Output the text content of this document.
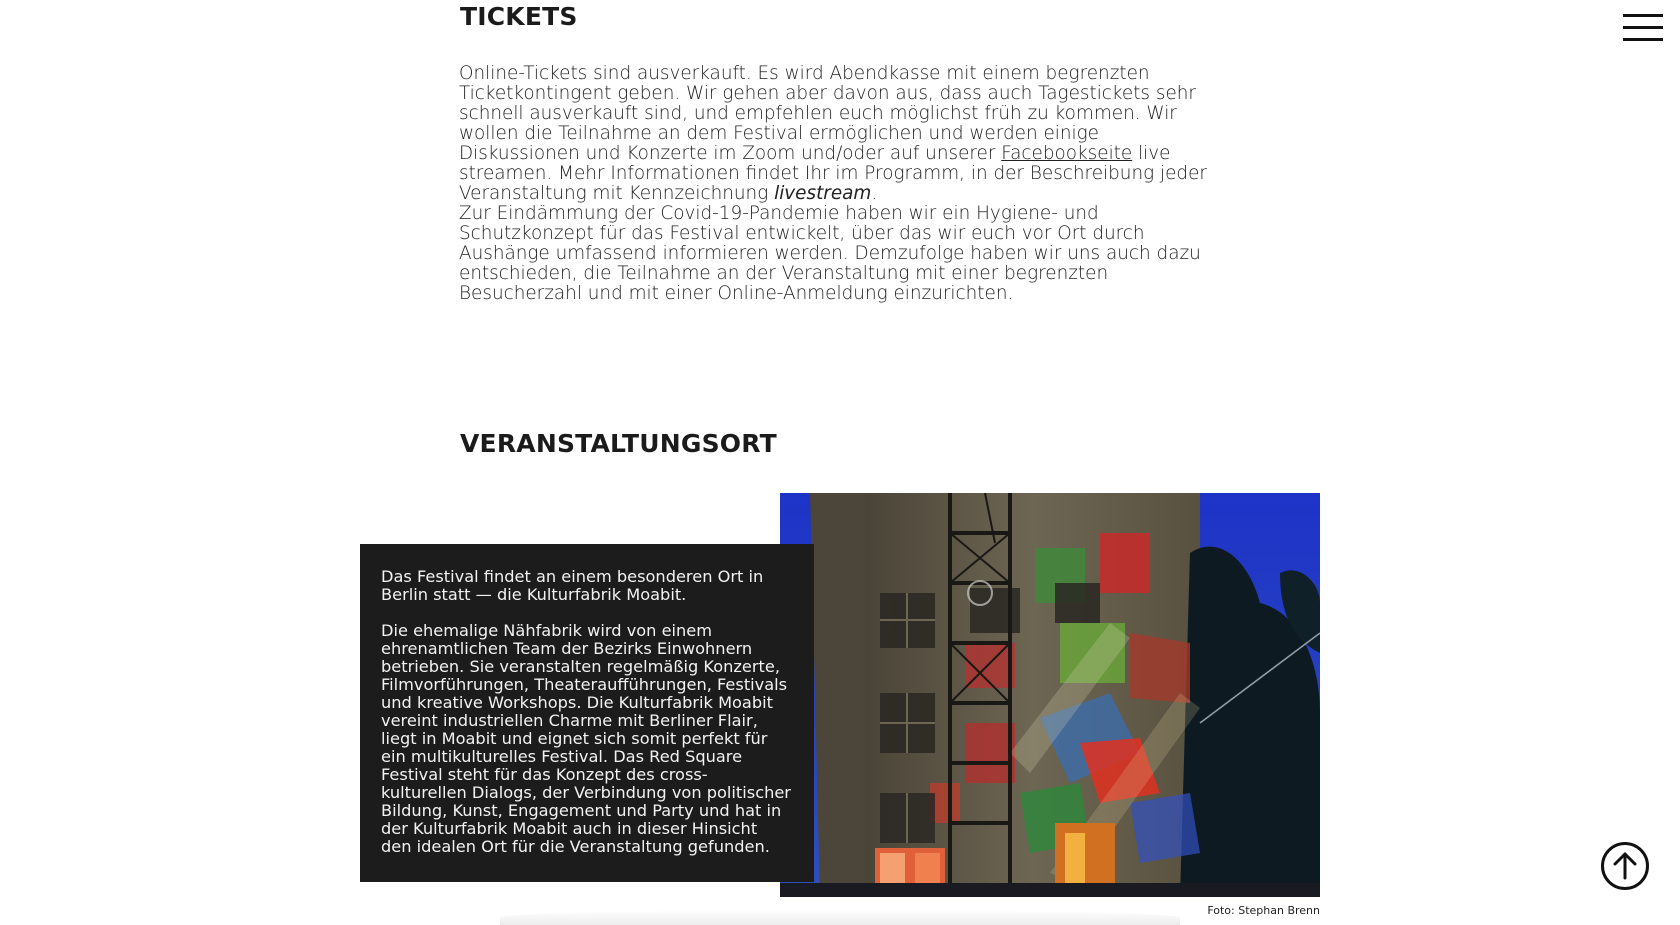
TICKETS

Online-Tickets sind ausverkauft. Es wird Abendkasse mit einem begrenzten Ticketkontingent geben. Wir gehen aber davon aus, dass auch Tagestickets sehr schnell ausverkauft sind, und empfehlen euch möglichst früh zu kommen. Wir wollen die Teilnahme an dem Festival ermöglichen und werden einige Diskussionen und Konzerte im Zoom und/oder auf unserer Facebookseite live streamen. Mehr Informationen findet Ihr im Programm, in der Beschreibung jeder Veranstaltung mit Kennzeichnung livestream.

Zur Eindämmung der Covid-19-Pandemie haben wir ein Hygiene- und Schutzkonzept für das Festival entwickelt, über das wir euch vor Ort durch Aushänge umfassend informieren werden. Demzufolge haben wir uns auch dazu entschieden, die Teilnahme an der Veranstaltung mit einer begrenzten Besucherzahl und mit einer Online-Anmeldung einzurichten.

VERANSTALTUNGSORT
Foto: Stephan Brenn

Das Festival findet an einem besonderen Ort in Berlin statt — die Kulturfabrik Moabit.

Die ehemalige Nähfabrik wird von einem ehrenamtlichen Team der Bezirks Einwohnern betrieben. Sie veranstalten regelmäßig Konzerte, Filmvorführungen, Theateraufführungen, Festivals und kreative Workshops. Die Kulturfabrik Moabit vereint industriellen Charme mit Berliner Flair, liegt in Moabit und eignet sich somit perfekt für ein multikulturelles Festival. Das Red Square Festival steht für das Konzept des cross-kulturellen Dialogs, der Verbindung von politischer Bildung, Kunst, Engagement und Party und hat in der Kulturfabrik Moabit auch in dieser Hinsicht den idealen Ort für die Veranstaltung gefunden.
